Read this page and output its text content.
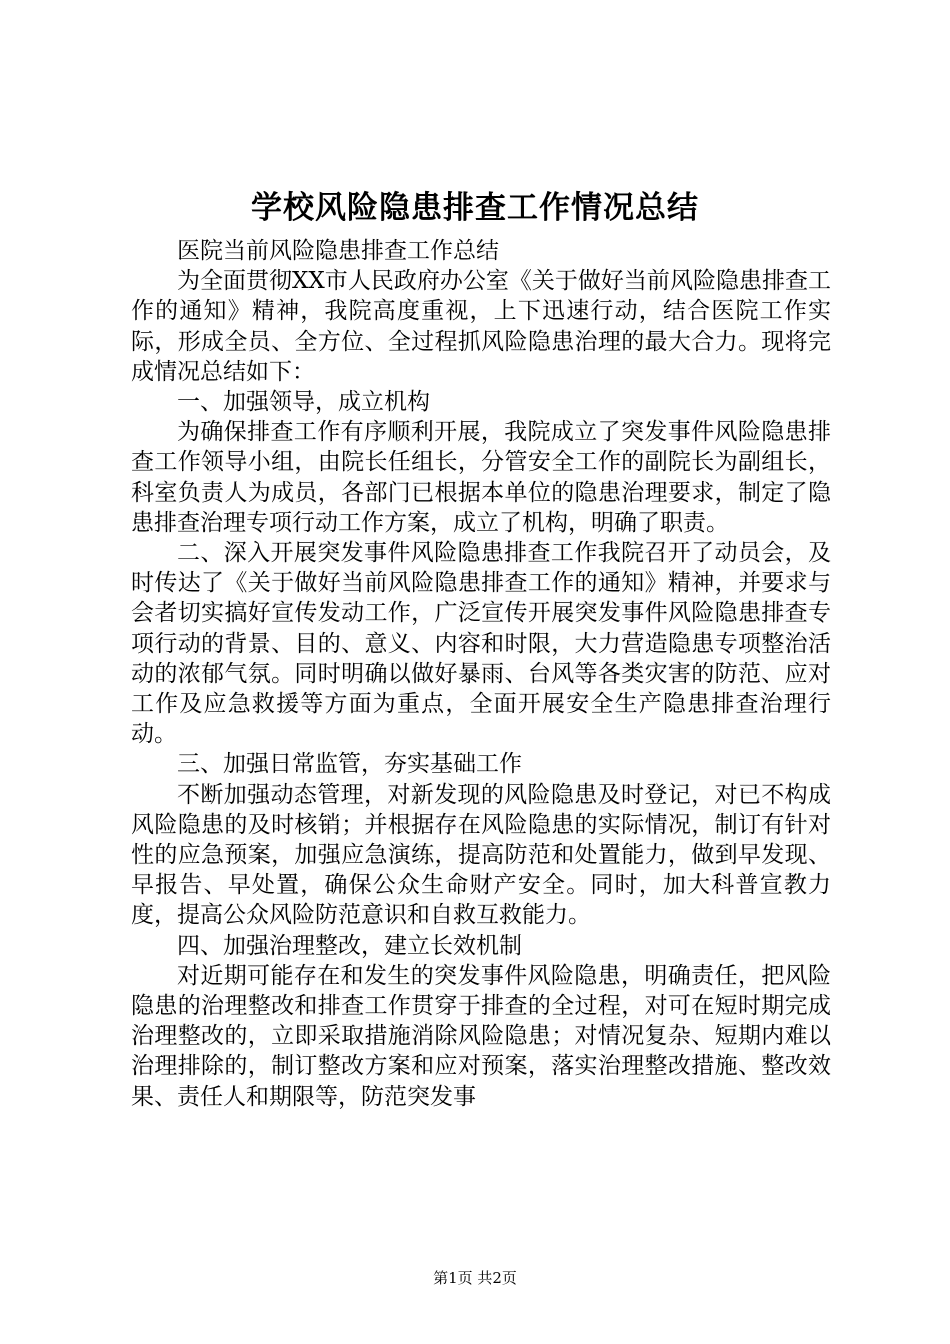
学校风险隐患排查工作情况总结

医院当前风险隐患排查工作总结

为全面贯彻XX市人民政府办公室《关于做好当前风险隐患排查工作的通知》精神，我院高度重视，上下迅速行动，结合医院工作实际，形成全员、全方位、全过程抓风险隐患治理的最大合力。现将完成情况总结如下：

一、加强领导，成立机构

为确保排查工作有序顺利开展，我院成立了突发事件风险隐患排查工作领导小组，由院长任组长，分管安全工作的副院长为副组长，科室负责人为成员，各部门已根据本单位的隐患治理要求，制定了隐患排查治理专项行动工作方案，成立了机构，明确了职责。

二、深入开展突发事件风险隐患排查工作我院召开了动员会，及时传达了《关于做好当前风险隐患排查工作的通知》精神，并要求与会者切实搞好宣传发动工作，广泛宣传开展突发事件风险隐患排查专项行动的背景、目的、意义、内容和时限，大力营造隐患专项整治活动的浓郁气氛。同时明确以做好暴雨、台风等各类灾害的防范、应对工作及应急救援等方面为重点，全面开展安全生产隐患排查治理行动。

三、加强日常监管，夯实基础工作

不断加强动态管理，对新发现的风险隐患及时登记，对已不构成风险隐患的及时核销；并根据存在风险隐患的实际情况，制订有针对性的应急预案，加强应急演练，提高防范和处置能力，做到早发现、早报告、早处置，确保公众生命财产安全。同时，加大科普宣教力度，提高公众风险防范意识和自救互救能力。

四、加强治理整改，建立长效机制

对近期可能存在和发生的突发事件风险隐患，明确责任，把风险隐患的治理整改和排查工作贯穿于排查的全过程，对可在短时期完成治理整改的，立即采取措施消除风险隐患；对情况复杂、短期内难以治理排除的，制订整改方案和应对预案，落实治理整改措施、整改效果、责任人和期限等，防范突发事

第1页 共2页
